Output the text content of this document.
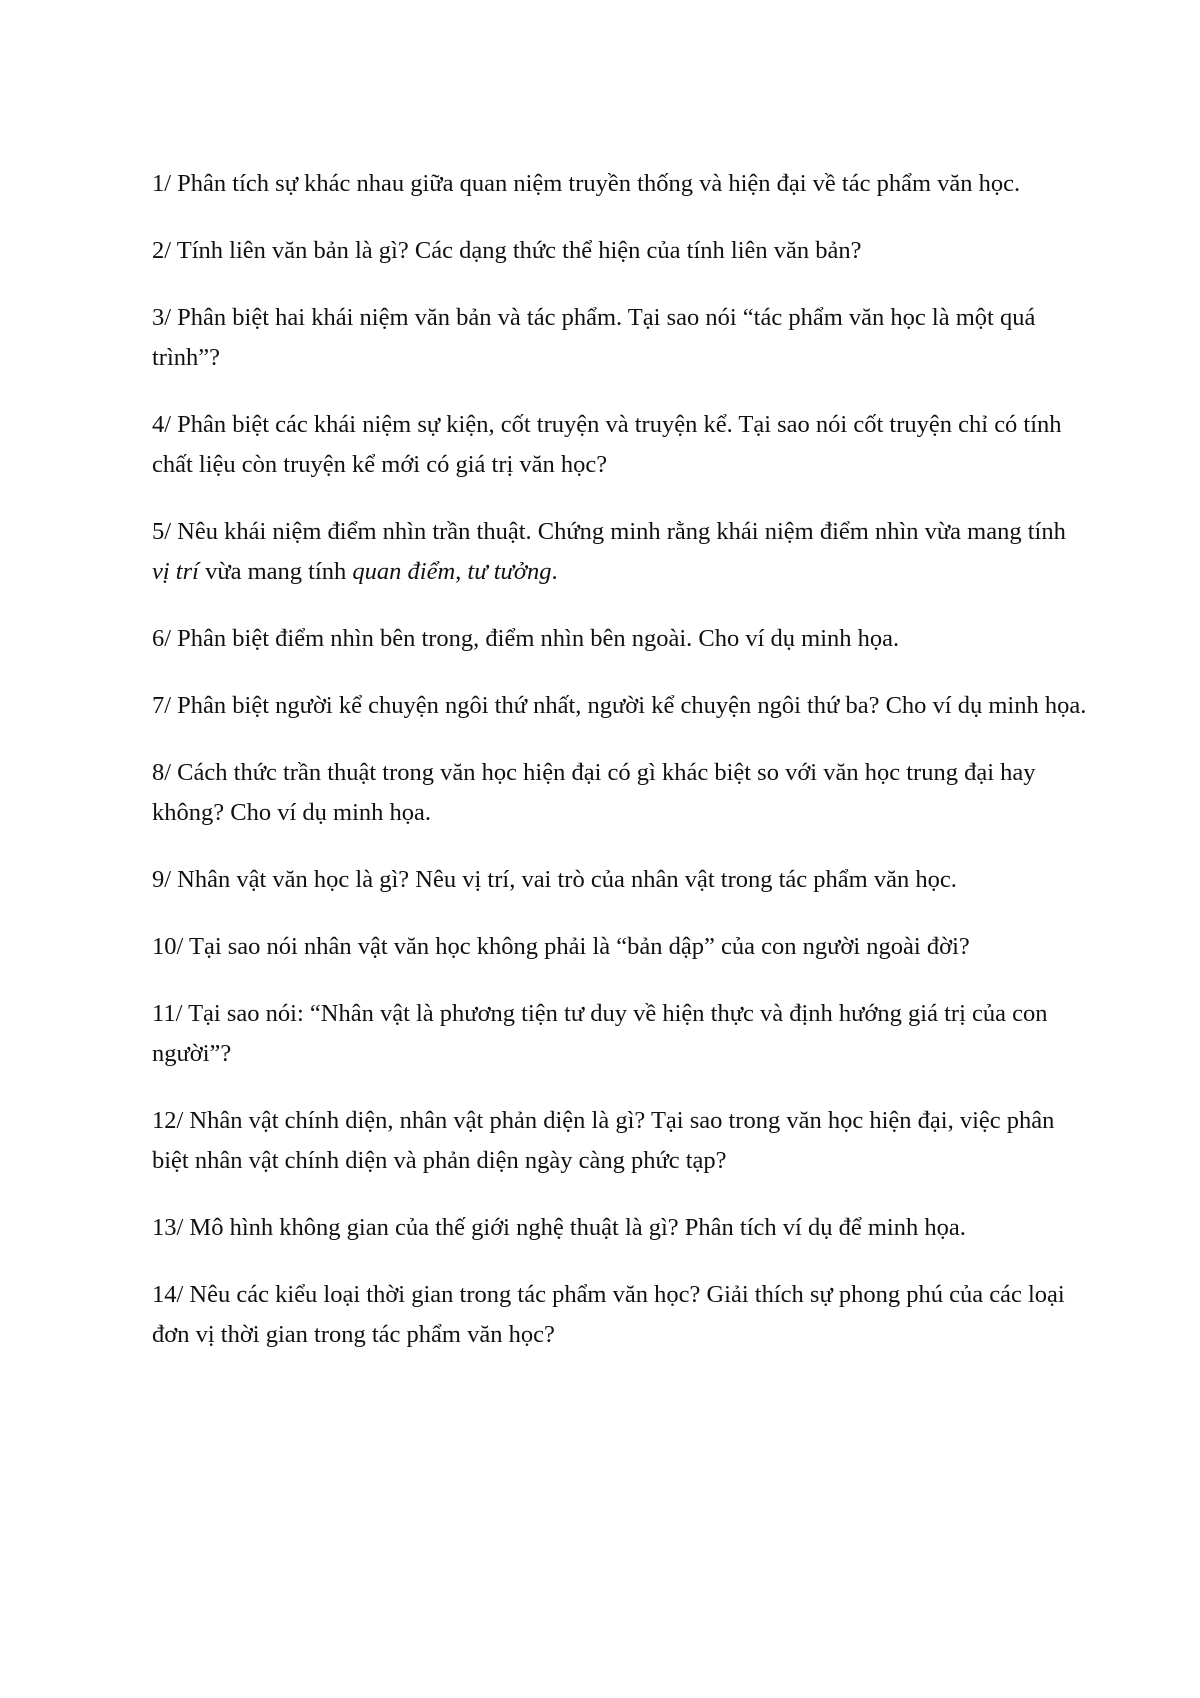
1/ Phân tích sự khác nhau giữa quan niệm truyền thống và hiện đại về tác phẩm văn học.

2/ Tính liên văn bản là gì? Các dạng thức thể hiện của tính liên văn bản?

3/ Phân biệt hai khái niệm văn bản và tác phẩm. Tại sao nói “tác phẩm văn học là một quá trình”?

4/ Phân biệt các khái niệm sự kiện, cốt truyện và truyện kể. Tại sao nói cốt truyện chỉ có tính chất liệu còn truyện kể mới có giá trị văn học?

5/ Nêu khái niệm điểm nhìn trần thuật. Chứng minh rằng khái niệm điểm nhìn vừa mang tính vị trí vừa mang tính quan điểm, tư tưởng.

6/ Phân biệt điểm nhìn bên trong, điểm nhìn bên ngoài. Cho ví dụ minh họa.

7/ Phân biệt người kể chuyện ngôi thứ nhất, người kể chuyện ngôi thứ ba? Cho ví dụ minh họa.

8/ Cách thức trần thuật trong văn học hiện đại có gì khác biệt so với văn học trung đại hay không? Cho ví dụ minh họa.

9/ Nhân vật văn học là gì? Nêu vị trí, vai trò của nhân vật trong tác phẩm văn học.

10/ Tại sao nói nhân vật văn học không phải là “bản dập” của con người ngoài đời?

11/ Tại sao nói: “Nhân vật là phương tiện tư duy về hiện thực và định hướng giá trị của con người”?

12/ Nhân vật chính diện, nhân vật phản diện là gì? Tại sao trong văn học hiện đại, việc phân biệt nhân vật chính diện và phản diện ngày càng phức tạp?

13/ Mô hình không gian của thế giới nghệ thuật là gì? Phân tích ví dụ để minh họa.

14/ Nêu các kiểu loại thời gian trong tác phẩm văn học? Giải thích sự phong phú của các loại đơn vị thời gian trong tác phẩm văn học?
